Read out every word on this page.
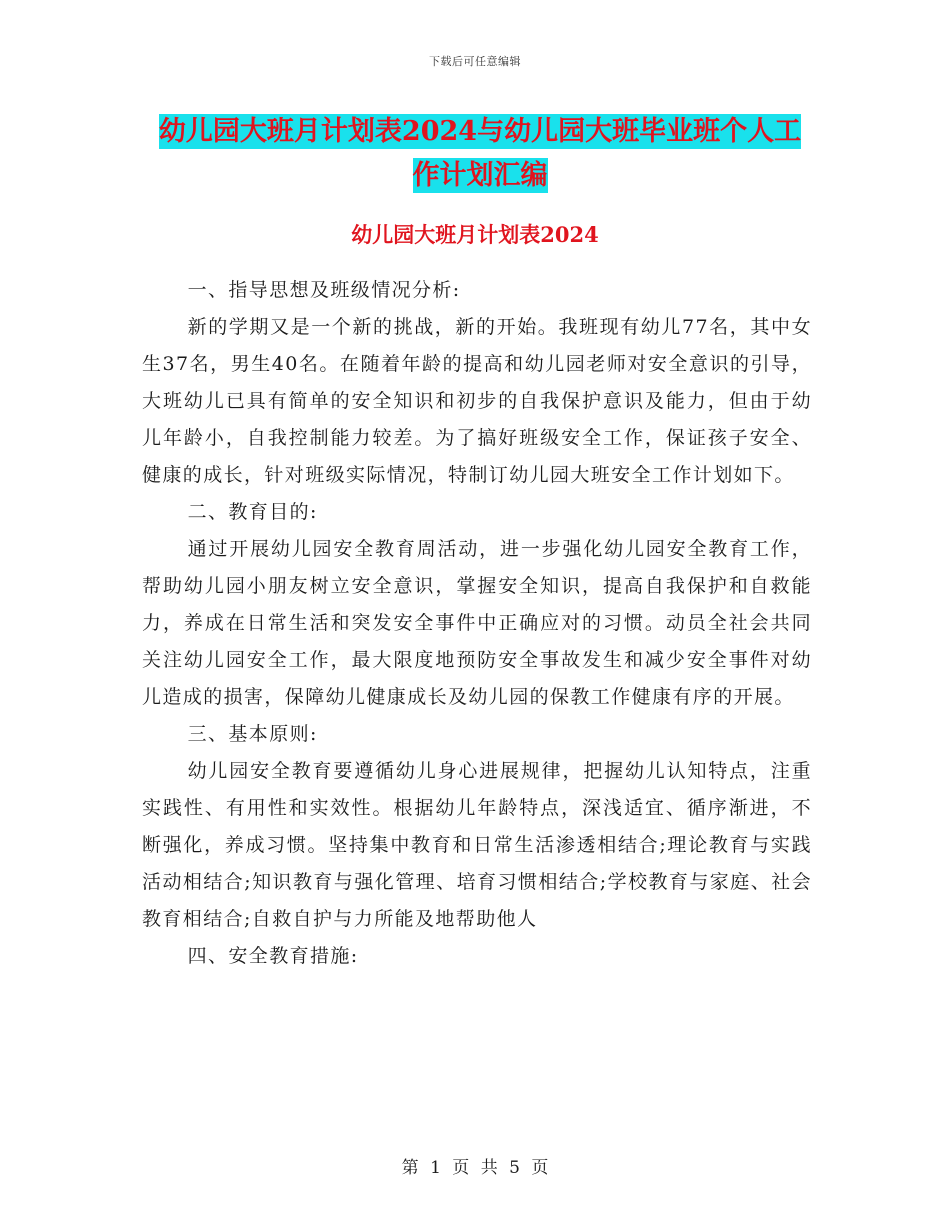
下载后可任意编辑
幼儿园大班月计划表2024与幼儿园大班毕业班个人工
作计划汇编
幼儿园大班月计划表2024

一、指导思想及班级情况分析:

新的学期又是一个新的挑战，新的开始。我班现有幼儿77名，其中女生37名，男生40名。在随着年龄的提高和幼儿园老师对安全意识的引导，大班幼儿已具有简单的安全知识和初步的自我保护意识及能力，但由于幼儿年龄小，自我控制能力较差。为了搞好班级安全工作，保证孩子安全、健康的成长，针对班级实际情况，特制订幼儿园大班安全工作计划如下。

二、教育目的:

通过开展幼儿园安全教育周活动，进一步强化幼儿园安全教育工作，帮助幼儿园小朋友树立安全意识，掌握安全知识，提高自我保护和自救能力，养成在日常生活和突发安全事件中正确应对的习惯。动员全社会共同关注幼儿园安全工作，最大限度地预防安全事故发生和减少安全事件对幼儿造成的损害，保障幼儿健康成长及幼儿园的保教工作健康有序的开展。

三、基本原则:

幼儿园安全教育要遵循幼儿身心进展规律，把握幼儿认知特点，注重实践性、有用性和实效性。根据幼儿年龄特点，深浅适宜、循序渐进，不断强化，养成习惯。坚持集中教育和日常生活渗透相结合;理论教育与实践活动相结合;知识教育与强化管理、培育习惯相结合;学校教育与家庭、社会教育相结合;自救自护与力所能及地帮助他人

四、安全教育措施:

第 1 页 共 5 页
